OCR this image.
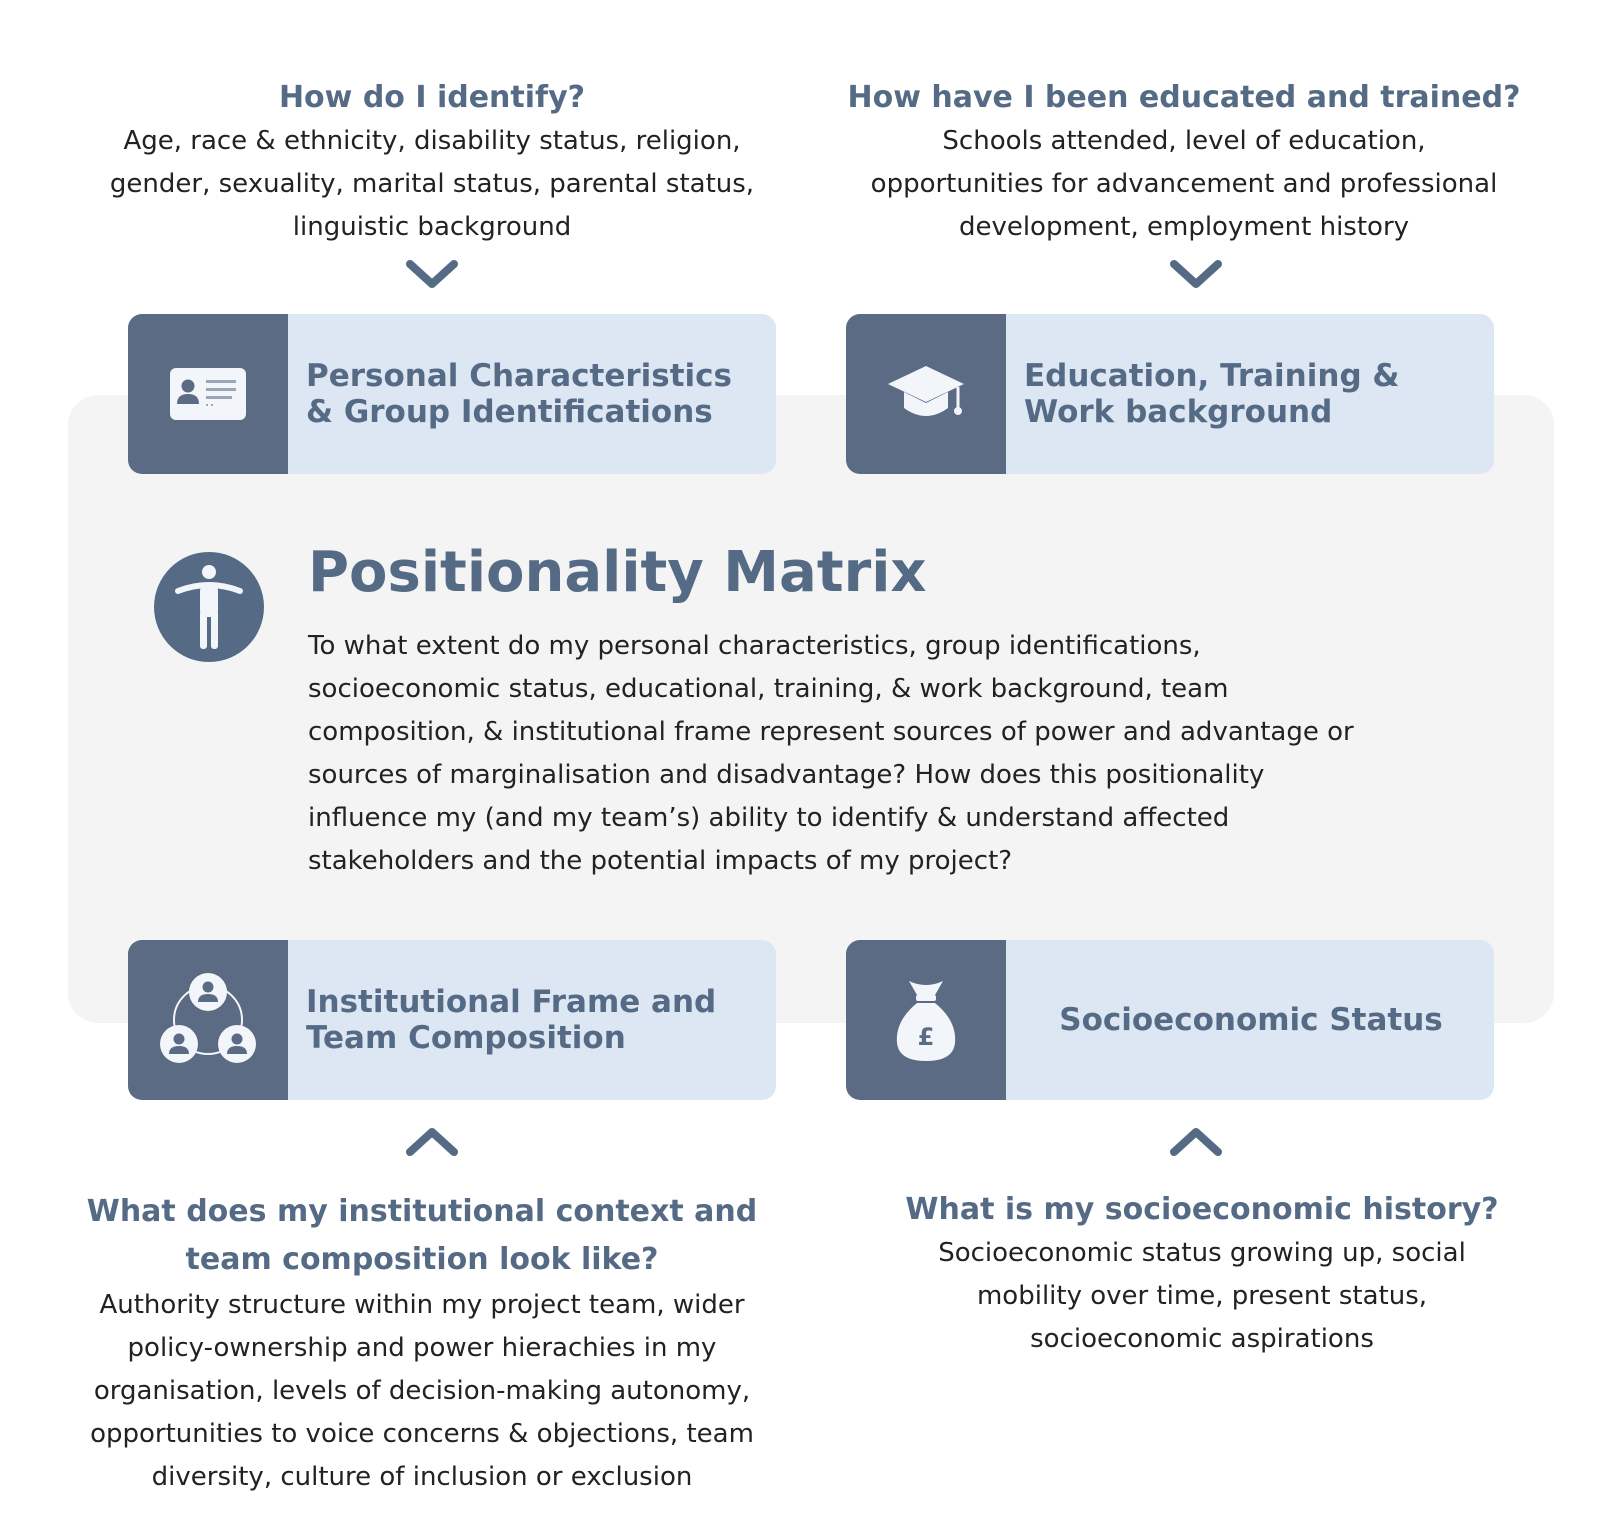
How do I identify?
Age, race & ethnicity, disability status, religion, gender, sexuality, marital status, parental status, linguistic background
How have I been educated and trained?
Schools attended, level of education, opportunities for advancement and professional development, employment history
Personal Characteristics
& Group Identifications
Education, Training &
Work background
Positionality Matrix
To what extent do my personal characteristics, group identifications, socioeconomic status, educational, training, & work background, team composition, & institutional frame represent sources of power and advantage or sources of marginalisation and disadvantage? How does this positionality influence my (and my team’s) ability to identify & understand affected stakeholders and the potential impacts of my project?
Institutional Frame and
Team Composition	£	Socioeconomic Status
What does my institutional context and team composition look like?
Authority structure within my project team, wider policy-ownership and power hierachies in my organisation, levels of decision-making autonomy, opportunities to voice concerns & objections, team diversity, culture of inclusion or exclusion
What is my socioeconomic history?
Socioeconomic status growing up, social mobility over time, present status, socioeconomic aspirations
